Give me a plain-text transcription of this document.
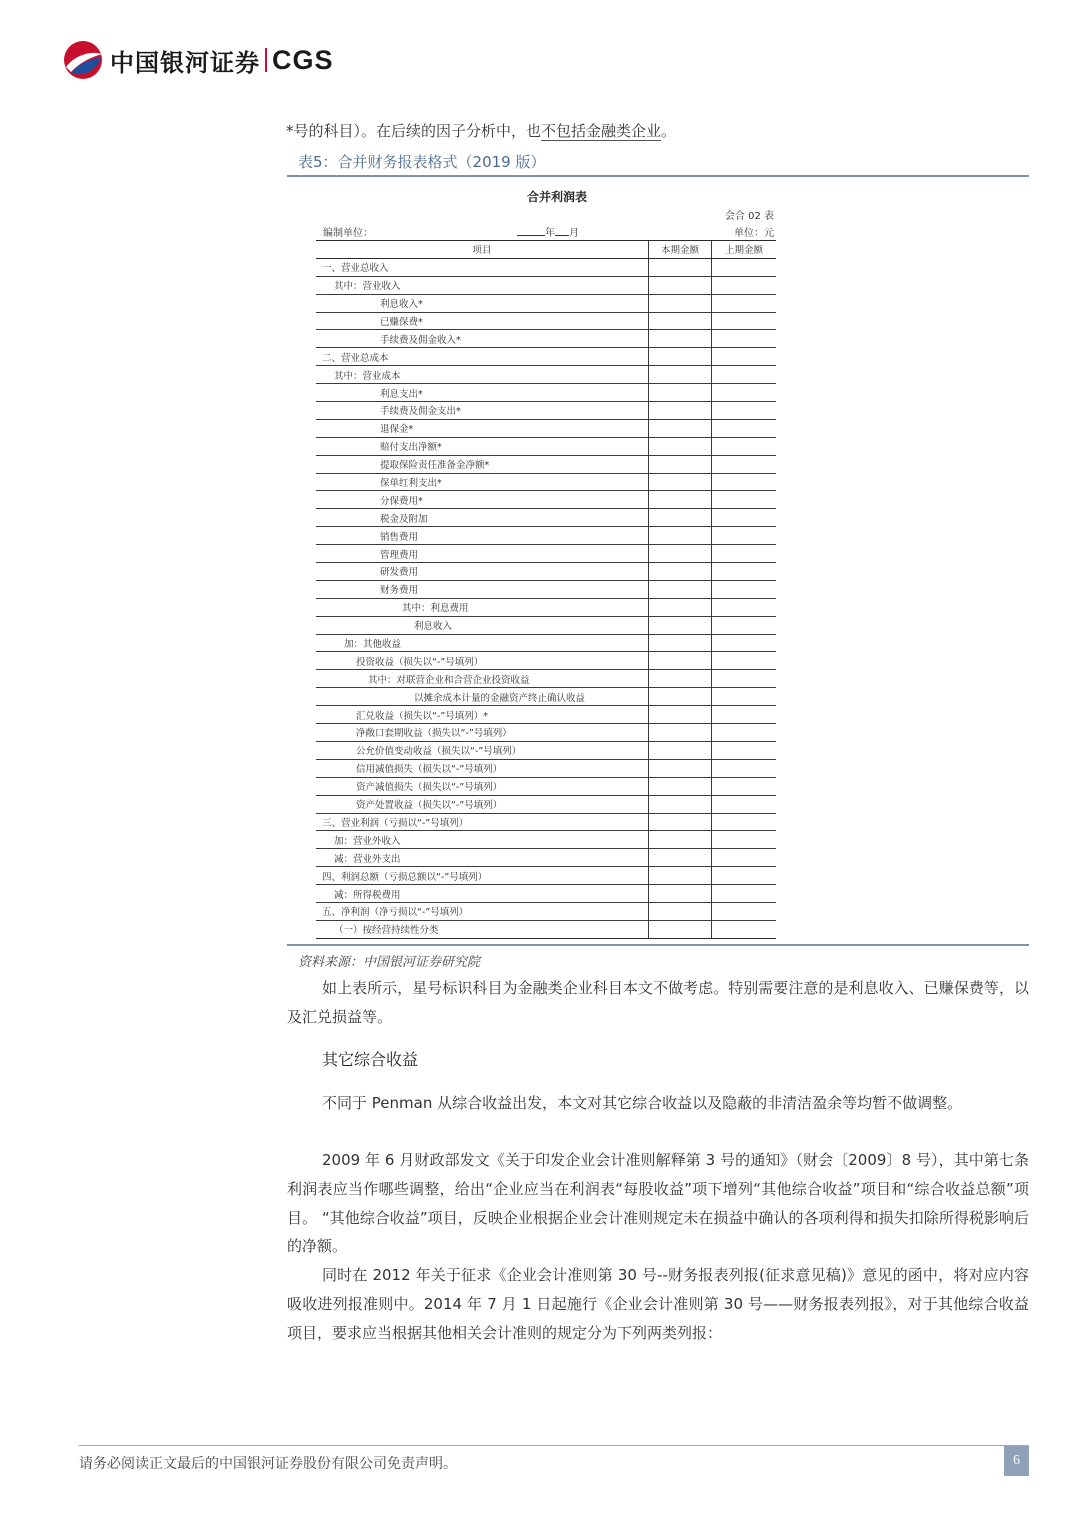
中国银河证券 CGS
*号的科目）。在后续的因子分析中，也不包括金融类企业。
表5：合并财务报表格式（2019 版）
合并利润表
会合 02 表
编制单位：	年 月	单位：元
项目	本期金额	上期金额
一、营业总收入		
其中：营业收入		
利息收入*		
已赚保费*		
手续费及佣金收入*		
二、营业总成本		
其中：营业成本		
利息支出*		
手续费及佣金支出*		
退保金*		
赔付支出净额*		
提取保险责任准备金净额*		
保单红利支出*		
分保费用*		
税金及附加		
销售费用		
管理费用		
研发费用		
财务费用		
其中：利息费用		
利息收入		
加：其他收益		
投资收益（损失以“-”号填列）		
其中：对联营企业和合营企业投资收益		
以摊余成本计量的金融资产终止确认收益		
汇兑收益（损失以“-”号填列）*		
净敞口套期收益（损失以“-”号填列）		
公允价值变动收益（损失以“-”号填列）		
信用减值损失（损失以“-”号填列）		
资产减值损失（损失以“-”号填列）		
资产处置收益（损失以“-”号填列）		
三、营业利润（亏损以“-”号填列）		
加：营业外收入		
减：营业外支出		
四、利润总额（亏损总额以“-”号填列）		
减：所得税费用		
五、净利润（净亏损以“-”号填列）		
（一）按经营持续性分类		
资料来源：中国银河证券研究院
如上表所示，星号标识科目为金融类企业科目本文不做考虑。特别需要注意的是利息收入、已赚保费等，以及汇兑损益等。
其它综合收益
不同于 Penman 从综合收益出发，本文对其它综合收益以及隐蔽的非清洁盈余等均暂不做调整。
2009 年 6 月财政部发文《关于印发企业会计准则解释第 3 号的通知》（财会〔2009〕8 号），其中第七条利润表应当作哪些调整，给出“企业应当在利润表“每股收益”项下增列“其他综合收益”项目和“综合收益总额”项目。 “其他综合收益”项目，反映企业根据企业会计准则规定未在损益中确认的各项利得和损失扣除所得税影响后的净额。
同时在 2012 年关于征求《企业会计准则第 30 号--财务报表列报(征求意见稿)》意见的函中，将对应内容吸收进列报准则中。2014 年 7 月 1 日起施行《企业会计准则第 30 号——财务报表列报》，对于其他综合收益项目，要求应当根据其他相关会计准则的规定分为下列两类列报：
请务必阅读正文最后的中国银河证券股份有限公司免责声明。	6
